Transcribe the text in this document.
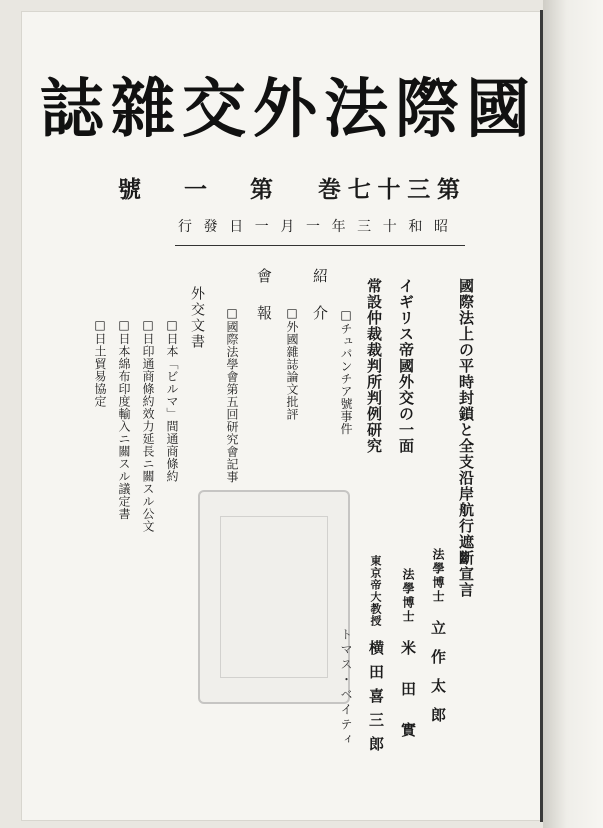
國
際
法
外
交
雜
誌
第
三
十
七
巻
第
一
號
昭
和
十
三
年
一
月
一
日
發
行
國際法上の平時封鎖と全支沿岸航行遮斷宣言
法學博士
立作太郎
イギリス帝國外交の一面
法學博士
米田實
常設仲裁裁判所判例研究
東京帝大教授
横田喜三郎
□チュパンチア號事件
トマス・ベイティ
紹介
□外國雜誌論文批評
會報
□國際法學會第五回研究會記事
外交文書
□日本「ビルマ」間通商條約
□日印通商條約效力延長ニ關スル公文
□日本綿布印度輸入ニ關スル議定書
□日土貿易協定
